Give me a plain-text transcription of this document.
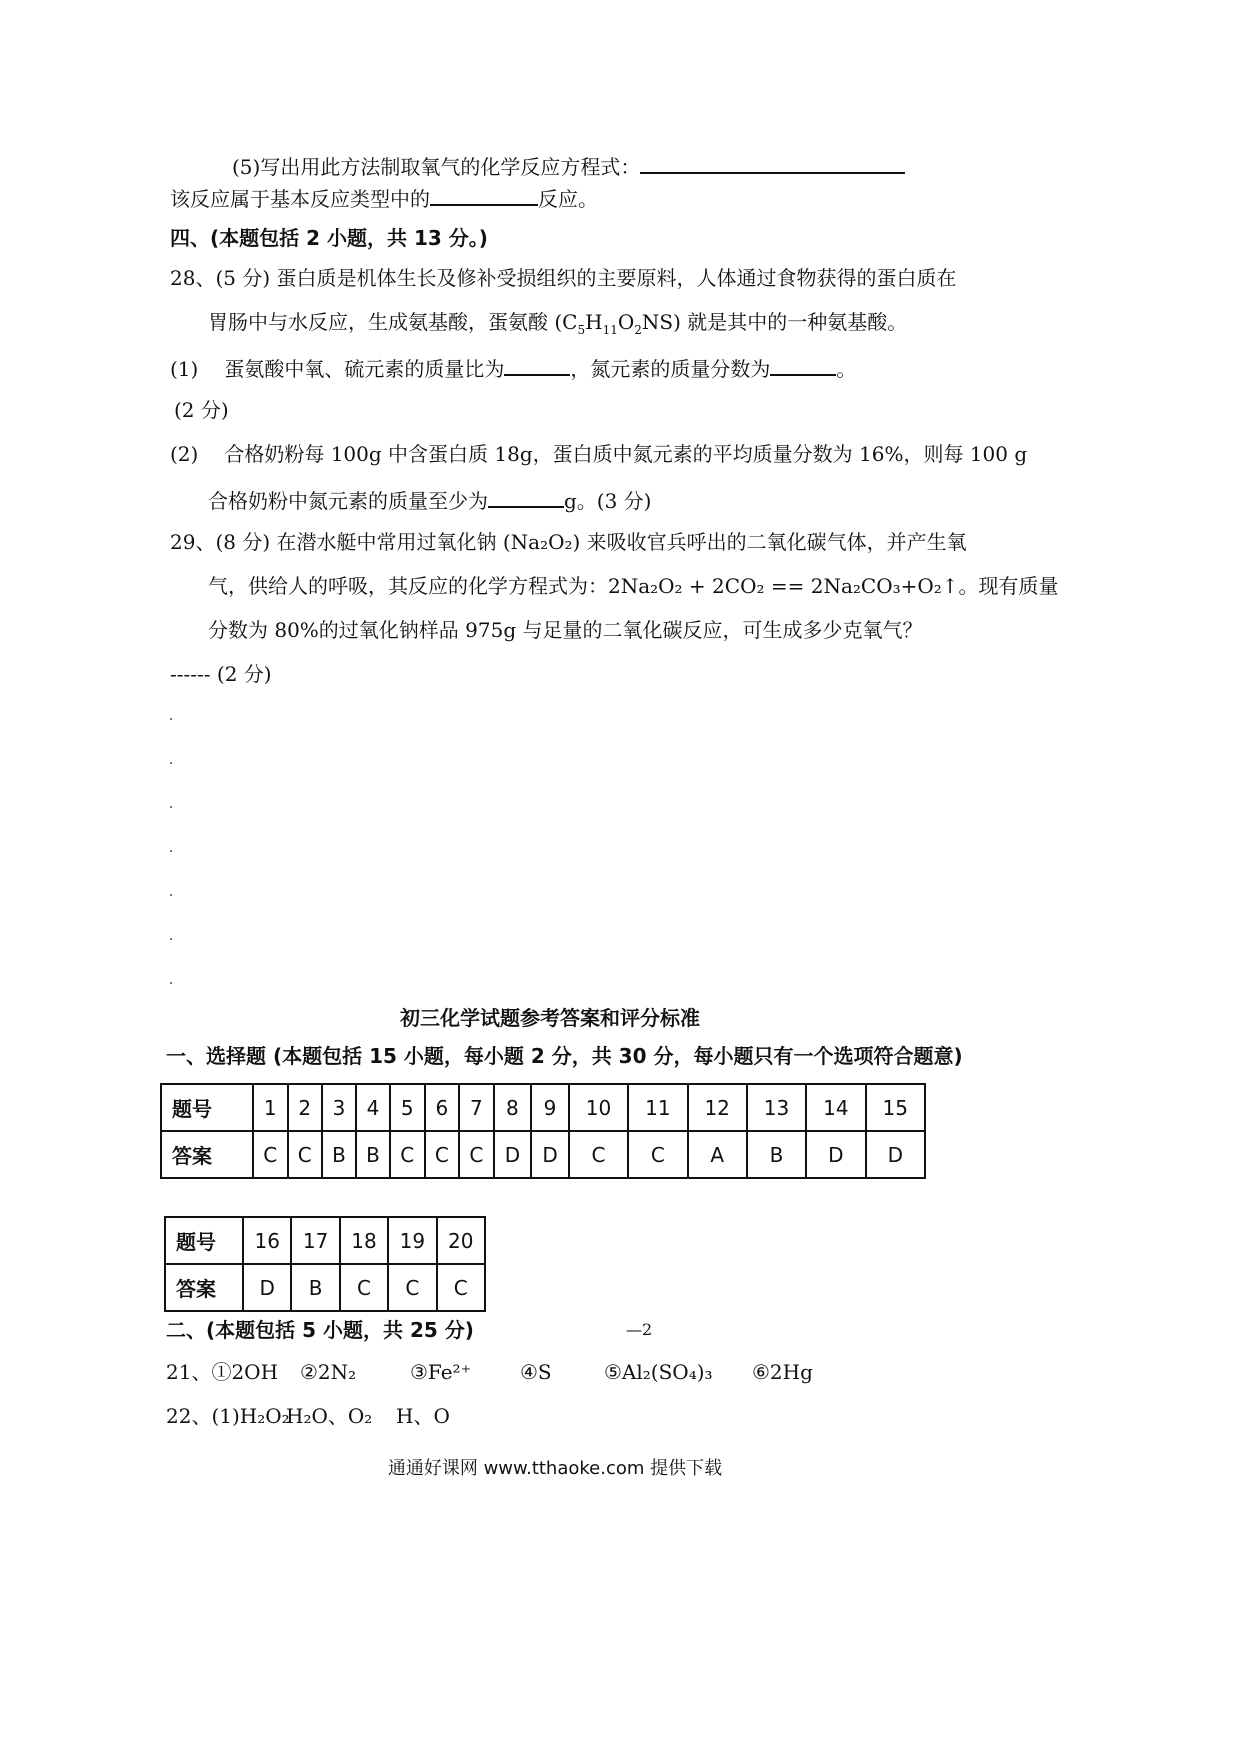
(5)写出用此方法制取氧气的化学反应方程式：
该反应属于基本反应类型中的	反应。
四、(本题包括 2 小题，共 13 分。)
28、(5 分) 蛋白质是机体生长及修补受损组织的主要原料，人体通过食物获得的蛋白质在
胃肠中与水反应，生成氨基酸，蛋氨酸 $(C_5H_{11}O_2NS)$ 就是其中的一种氨基酸。
(1) 蛋氨酸中氧、硫元素的质量比为	，氮元素的质量分数为	。
(2 分)
(2) 合格奶粉每 100g 中含蛋白质 18g，蛋白质中氮元素的平均质量分数为 16%，则每 100 g
合格奶粉中氮元素的质量至少为	g。(3 分)
29、(8 分) 在潜水艇中常用过氧化钠 (Na₂O₂) 来吸收官兵呼出的二氧化碳气体，并产生氧
气，供给人的呼吸，其反应的化学方程式为：2Na₂O₂ + 2CO₂ == 2Na₂CO₃+O₂↑。现有质量
分数为 80%的过氧化钠样品 975g 与足量的二氧化碳反应，可生成多少克氧气？
------ (2 分)
初三化学试题参考答案和评分标准
一、选择题 (本题包括 15 小题，每小题 2 分，共 30 分，每小题只有一个选项符合题意)
题号	1	2	3	4	5	6	7	8	9	10	11	12	13	14	15
答案	C	C	B	B	C	C	C	D	D	C	C	A	B	D	D
题号	16	17	18	19	20
答案	D	B	C	C	C
二、(本题包括 5 小题，共 25 分)	—2
21、①2OH ②2N₂	③Fe²⁺ ④S	⑤Al₂(SO₄)₃ ⑥2Hg
22、(1)H₂O₂H₂O、O₂ H、O
通通好课网 www.tthaoke.com 提供下载
